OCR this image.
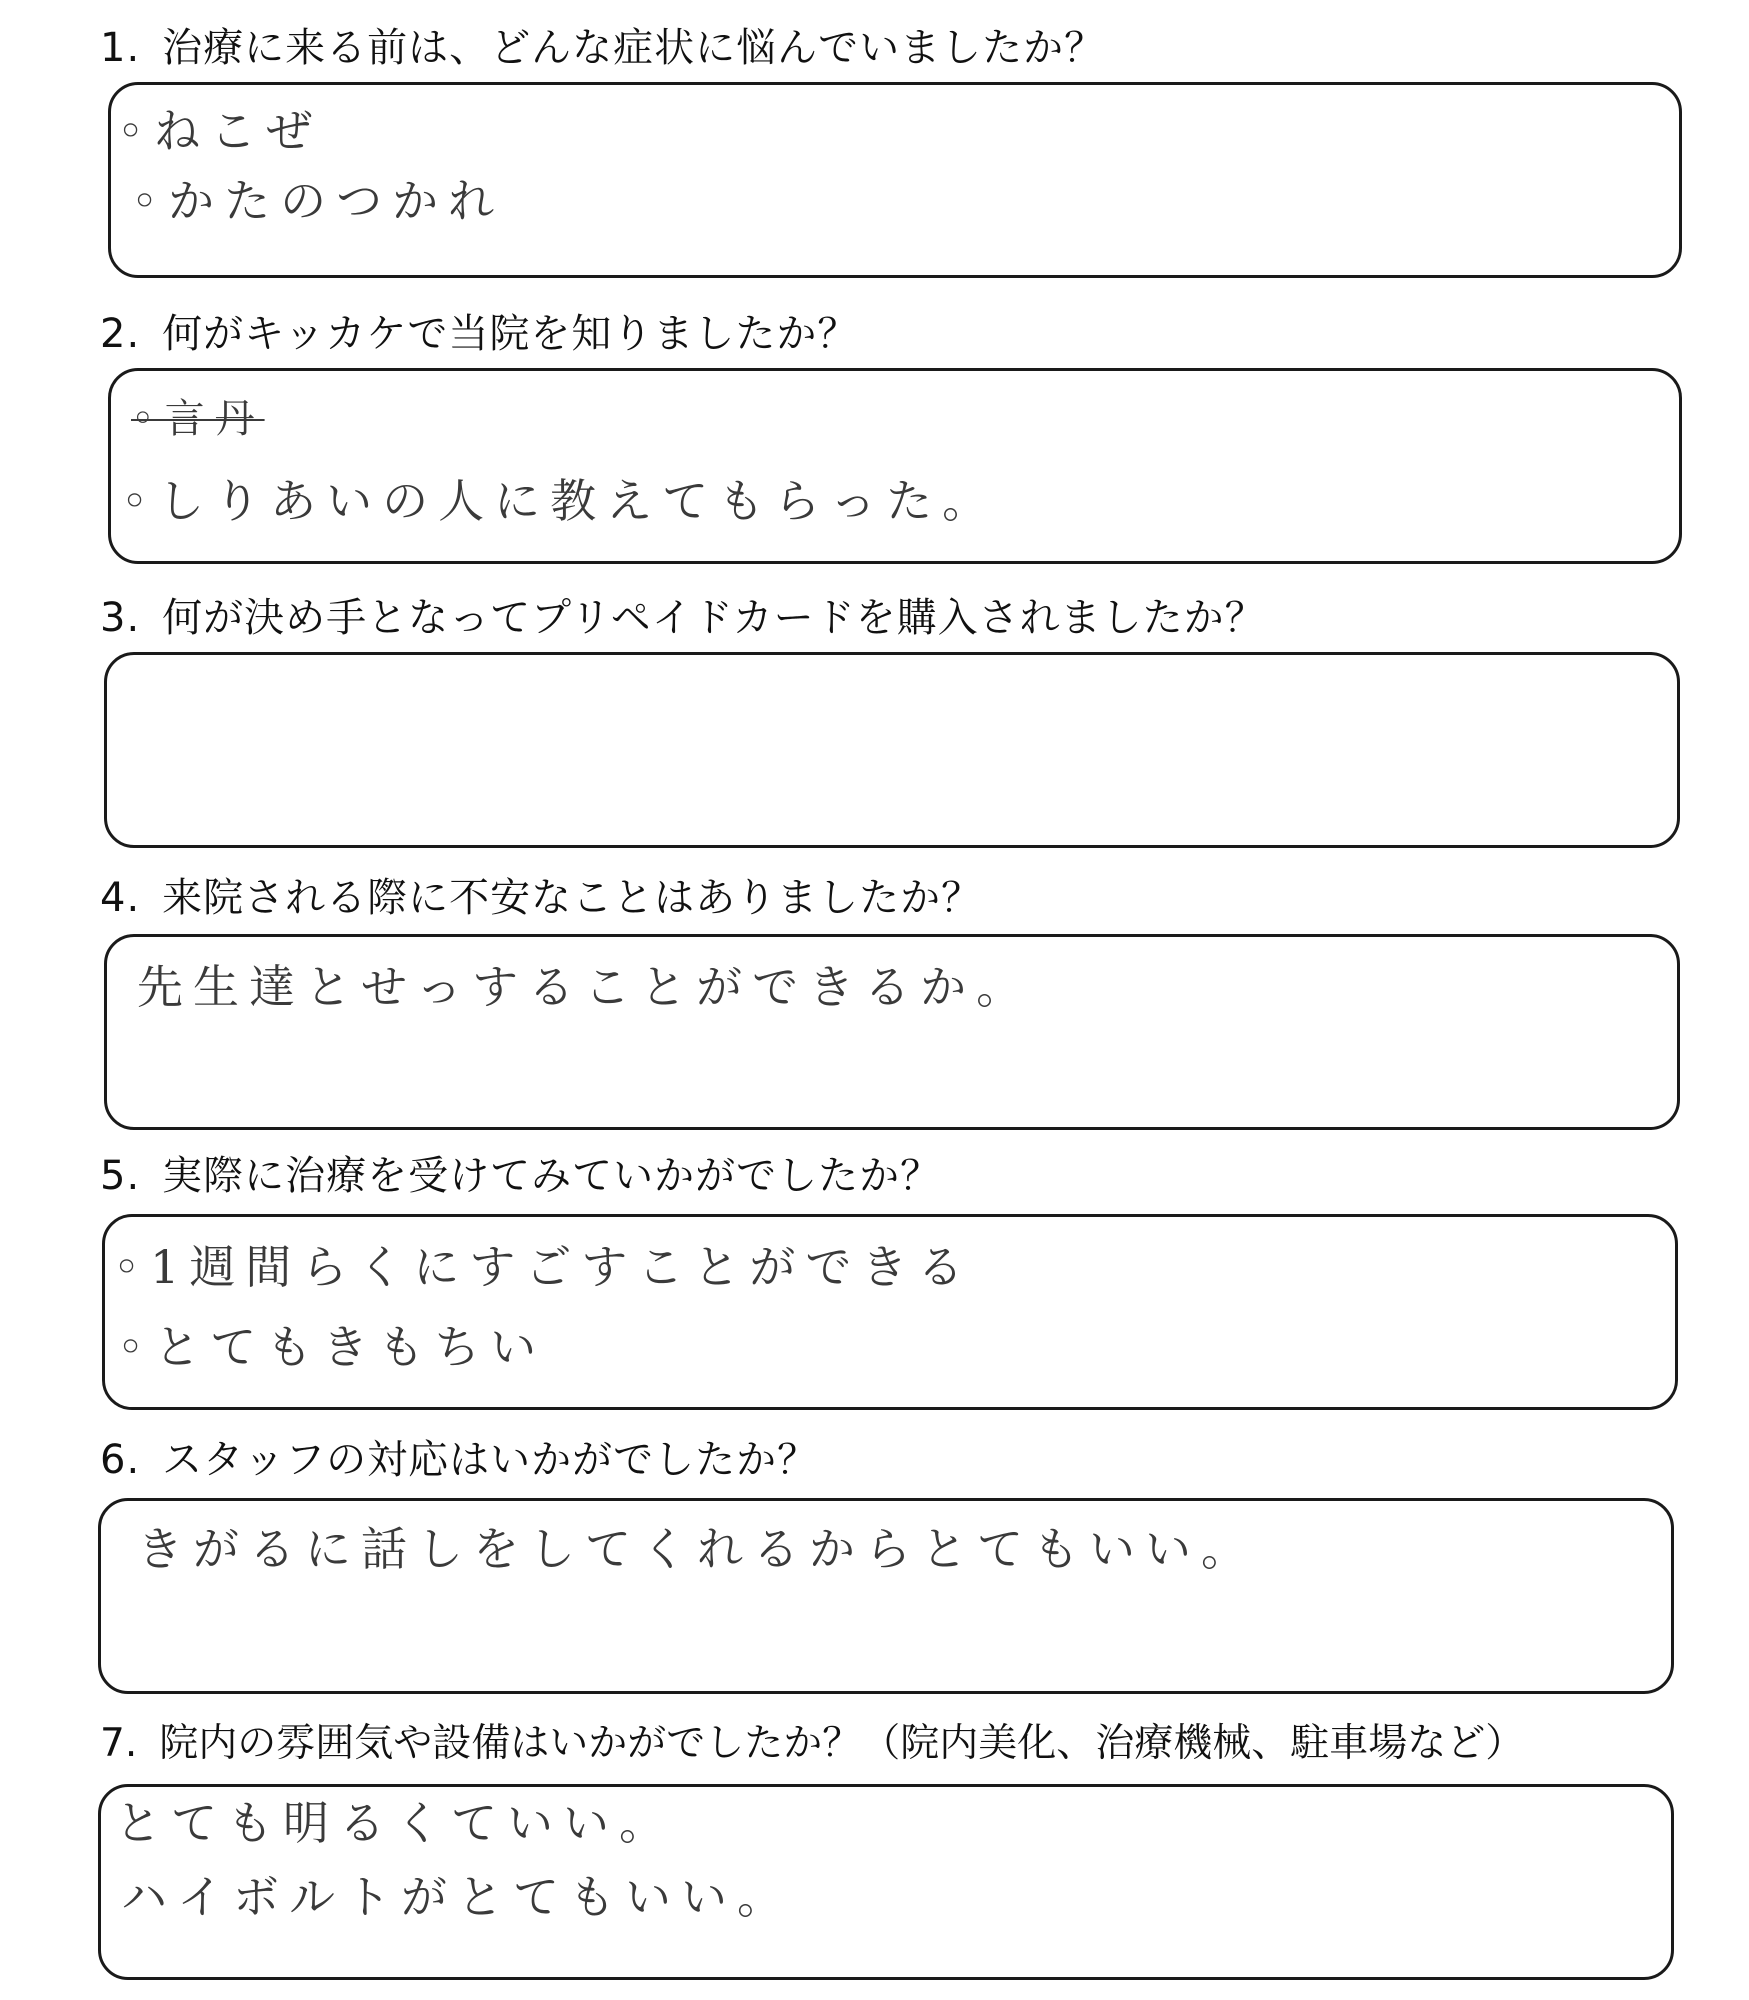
1. 治療に来る前は、どんな症状に悩んでいましたか？
◦ねこぜ
◦かたのつかれ
2. 何がキッカケで当院を知りましたか？
◦言丹
◦しりあいの人に教えてもらった。
3. 何が決め手となってプリペイドカードを購入されましたか？
4. 来院される際に不安なことはありましたか？
先生達とせっすることができるか。
5. 実際に治療を受けてみていかがでしたか？
◦1週間らくにすごすことができる
◦とてもきもちい
6. スタッフの対応はいかがでしたか？
きがるに話しをしてくれるからとてもいい。
7. 院内の雰囲気や設備はいかがでしたか？（院内美化、治療機械、駐車場など）
とても明るくていい。
ハイボルトがとてもいい。
